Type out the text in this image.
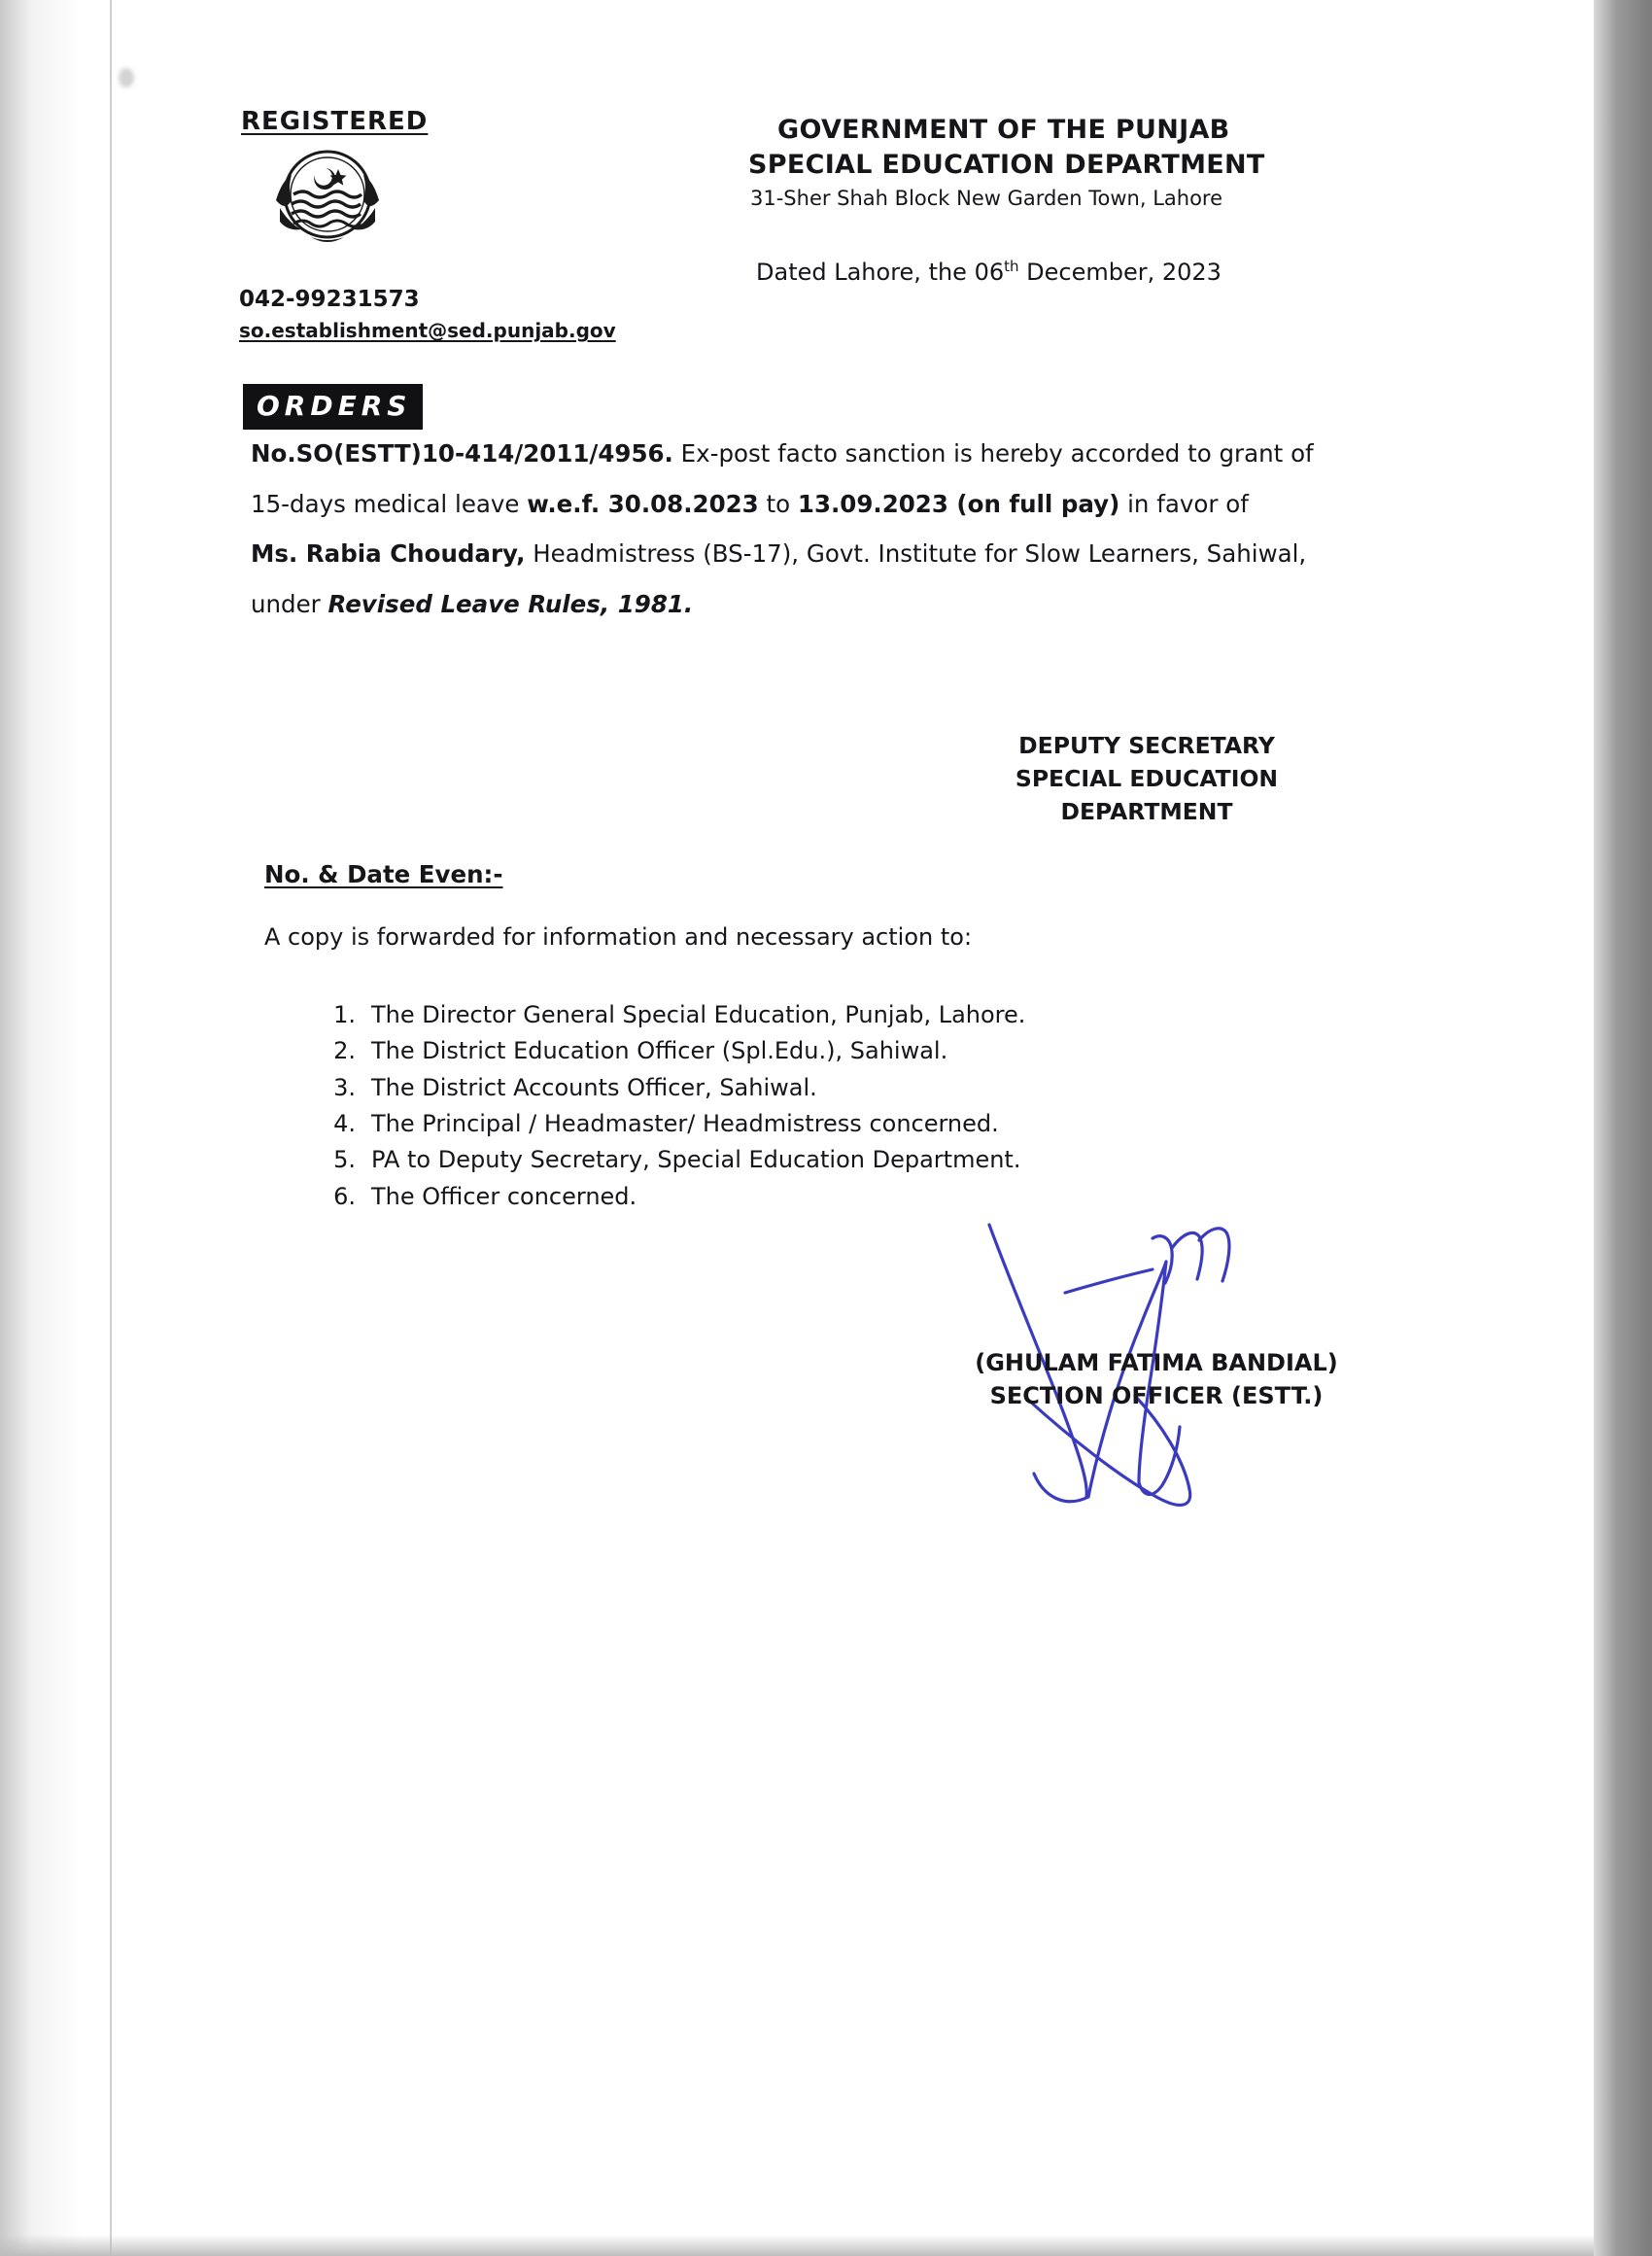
REGISTERED
042-99231573
so.establishment@sed.punjab.gov
GOVERNMENT OF THE PUNJAB
SPECIAL EDUCATION DEPARTMENT
31-Sher Shah Block New Garden Town, Lahore
Dated Lahore, the 06th December, 2023
ORDERS
No.SO(ESTT)10-414/2011/4956. Ex-post facto sanction is hereby accorded to grant of
15-days medical leave w.e.f. 30.08.2023 to 13.09.2023 (on full pay) in favor of
Ms. Rabia Choudary, Headmistress (BS-17), Govt. Institute for Slow Learners, Sahiwal,
under Revised Leave Rules, 1981.
DEPUTY SECRETARY
SPECIAL EDUCATION
DEPARTMENT
No. & Date Even:-
A copy is forwarded for information and necessary action to:
1. The Director General Special Education, Punjab, Lahore.
2. The District Education Officer (Spl.Edu.), Sahiwal.
3. The District Accounts Officer, Sahiwal.
4. The Principal / Headmaster/ Headmistress concerned.
5. PA to Deputy Secretary, Special Education Department.
6. The Officer concerned.
(GHULAM FATIMA BANDIAL)
SECTION OFFICER (ESTT.)
